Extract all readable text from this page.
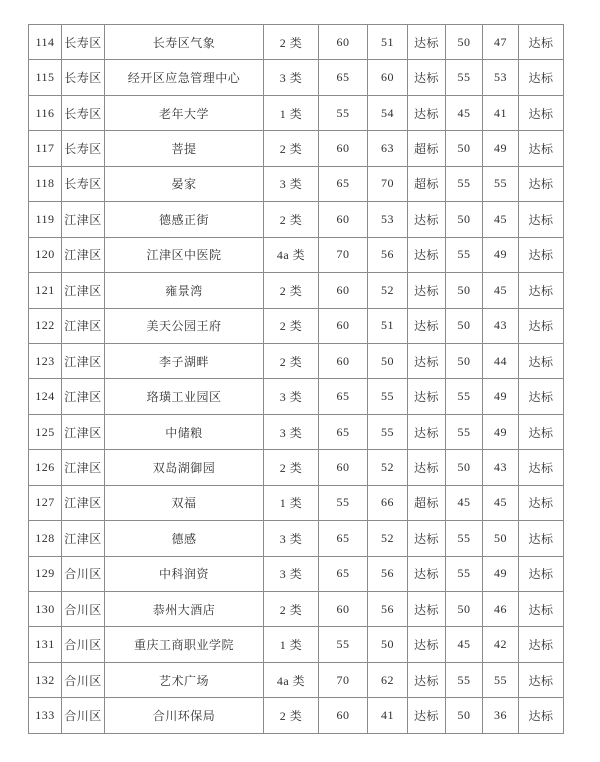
114	长寿区	长寿区气象	2 类	60	51	达标	50	47	达标
115	长寿区	经开区应急管理中心	3 类	65	60	达标	55	53	达标
116	长寿区	老年大学	1 类	55	54	达标	45	41	达标
117	长寿区	菩提	2 类	60	63	超标	50	49	达标
118	长寿区	晏家	3 类	65	70	超标	55	55	达标
119	江津区	德感正街	2 类	60	53	达标	50	45	达标
120	江津区	江津区中医院	4a 类	70	56	达标	55	49	达标
121	江津区	雍景湾	2 类	60	52	达标	50	45	达标
122	江津区	美天公园王府	2 类	60	51	达标	50	43	达标
123	江津区	李子湖畔	2 类	60	50	达标	50	44	达标
124	江津区	珞璜工业园区	3 类	65	55	达标	55	49	达标
125	江津区	中储粮	3 类	65	55	达标	55	49	达标
126	江津区	双岛湖御园	2 类	60	52	达标	50	43	达标
127	江津区	双福	1 类	55	66	超标	45	45	达标
128	江津区	德感	3 类	65	52	达标	55	50	达标
129	合川区	中科润资	3 类	65	56	达标	55	49	达标
130	合川区	恭州大酒店	2 类	60	56	达标	50	46	达标
131	合川区	重庆工商职业学院	1 类	55	50	达标	45	42	达标
132	合川区	艺术广场	4a 类	70	62	达标	55	55	达标
133	合川区	合川环保局	2 类	60	41	达标	50	36	达标
